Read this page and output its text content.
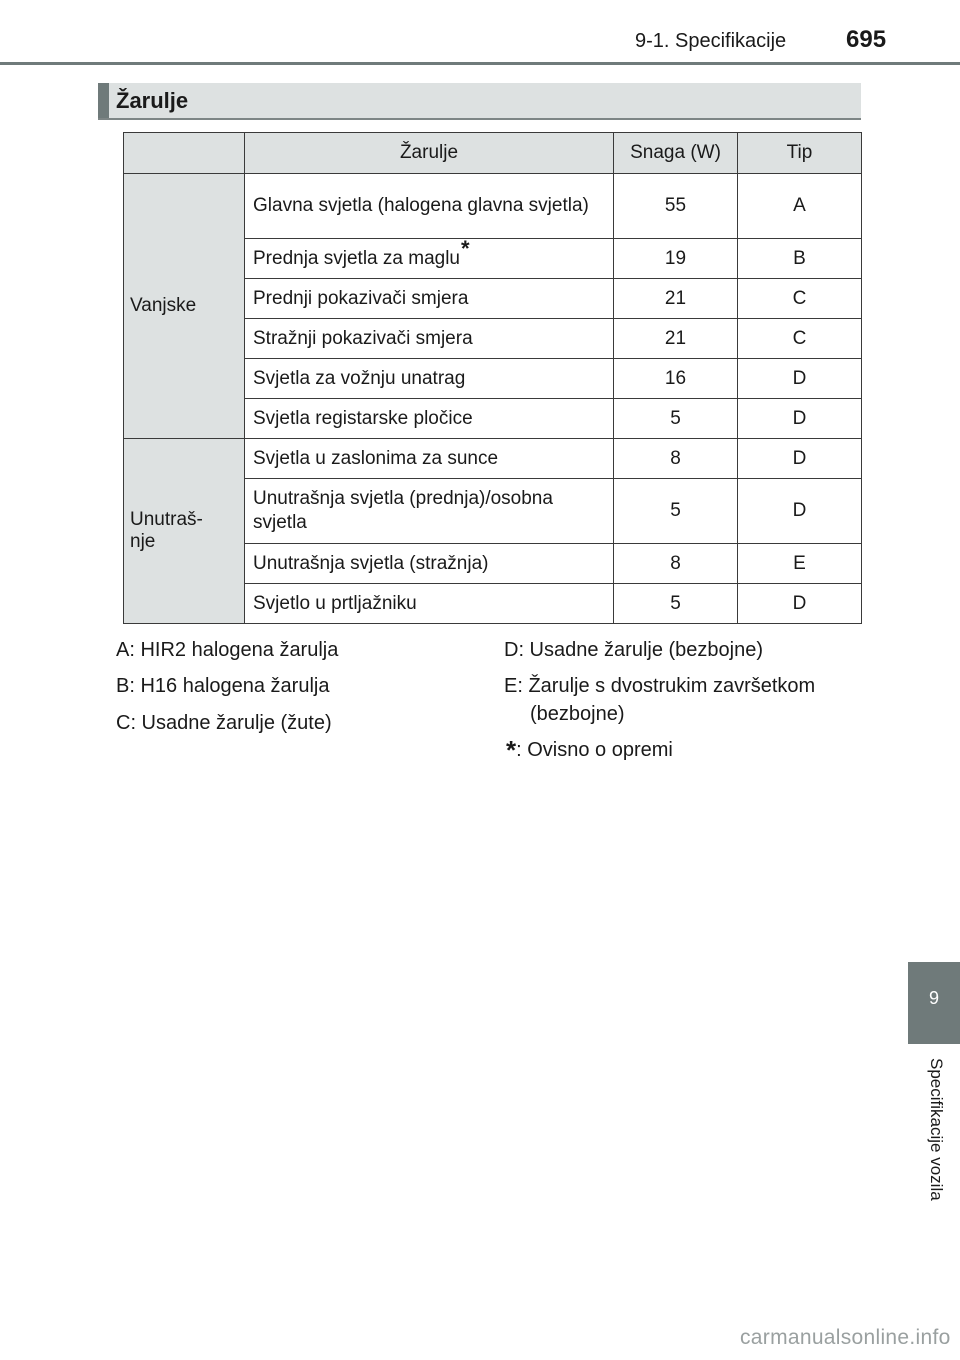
9-1. Specifikacije 695
Žarulje
	Žarulje	Snaga (W)	Tip
Vanjske	Glavna svjetla (halogena glavna svjetla)	55	A
	Prednja svjetla za maglu*	19	B
	Prednji pokazivači smjera	21	C
	Stražnji pokazivači smjera	21	C
	Svjetla za vožnju unatrag	16	D
	Svjetla registarske pločice	5	D
Unutraš-
nje	Svjetla u zaslonima za sunce	8	D
	Unutrašnja svjetla (prednja)/osobna svjetla	5	D
	Unutrašnja svjetla (stražnja)	8	E
	Svjetlo u prtljažniku	5	D
A: HIR2 halogena žarulja
B: H16 halogena žarulja
C: Usadne žarulje (žute)
D: Usadne žarulje (bezbojne)
E: Žarulje s dvostrukim završetkom
(bezbojne)
*: Ovisno o opremi
9
Specifikacije vozila
carmanualsonline.info
